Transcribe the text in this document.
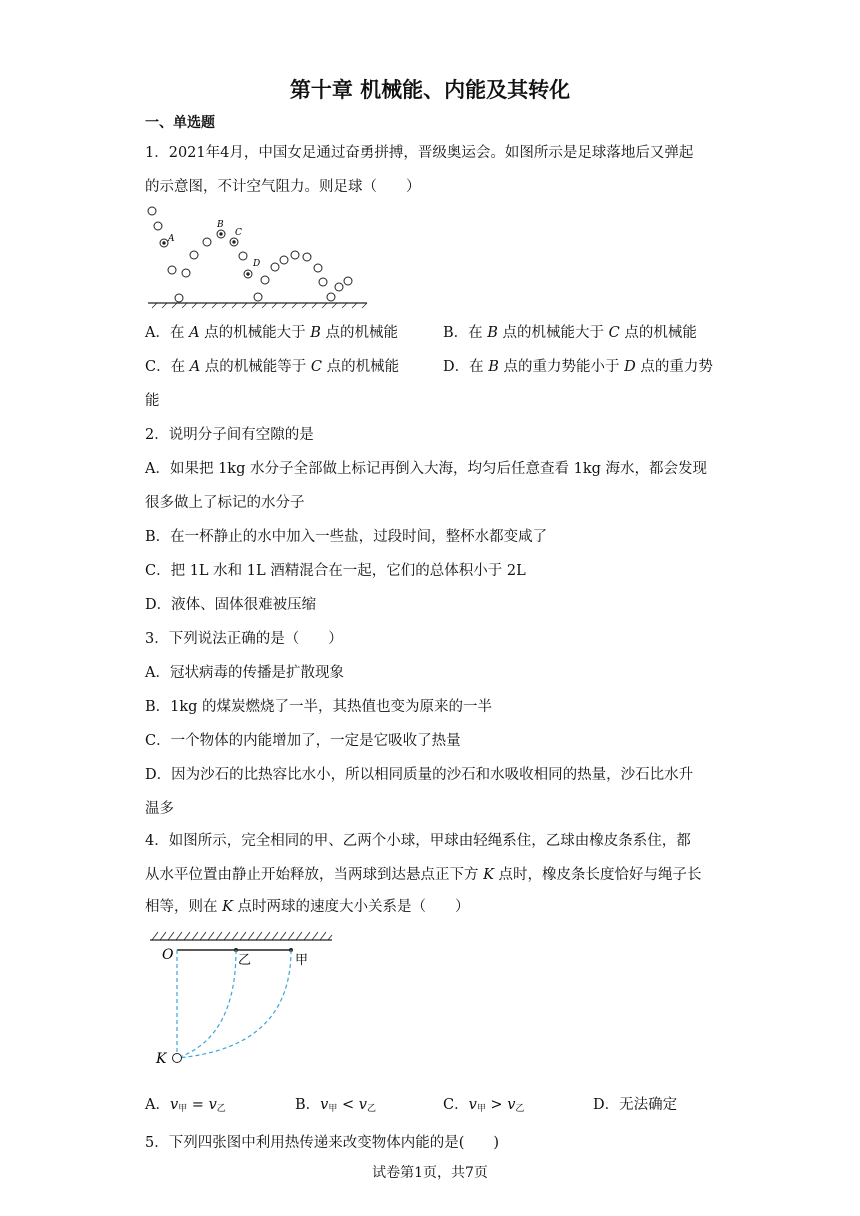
第十章 机械能、内能及其转化
一、单选题
1．2021年4月，中国女足通过奋勇拼搏，晋级奥运会。如图所示是足球落地后又弹起
的示意图，不计空气阻力。则足球（　　）
A
B
C
D
A．在 A 点的机械能大于 B 点的机械能	B．在 B 点的机械能大于 C 点的机械能
C．在 A 点的机械能等于 C 点的机械能	D．在 B 点的重力势能小于 D 点的重力势
能
2．说明分子间有空隙的是
A．如果把 1kg 水分子全部做上标记再倒入大海，均匀后任意查看 1kg 海水，都会发现
很多做上了标记的水分子
B．在一杯静止的水中加入一些盐，过段时间，整杯水都变咸了
C．把 1L 水和 1L 酒精混合在一起，它们的总体积小于 2L
D．液体、固体很难被压缩
3．下列说法正确的是（　　）
A．冠状病毒的传播是扩散现象
B．1kg 的煤炭燃烧了一半，其热值也变为原来的一半
C．一个物体的内能增加了，一定是它吸收了热量
D．因为沙石的比热容比水小，所以相同质量的沙石和水吸收相同的热量，沙石比水升
温多
4．如图所示，完全相同的甲、乙两个小球，甲球由轻绳系住，乙球由橡皮条系住，都
从水平位置由静止开始释放，当两球到达悬点正下方 K 点时，橡皮条长度恰好与绳子长
相等，则在 K 点时两球的速度大小关系是（　　）
O	乙	甲
K
A．$v_甲 = v_乙$	B．$v_甲 < v_乙$	C．$v_甲 > v_乙$	D．无法确定
5．下列四张图中利用热传递来改变物体内能的是(　　)
试卷第1页，共7页
